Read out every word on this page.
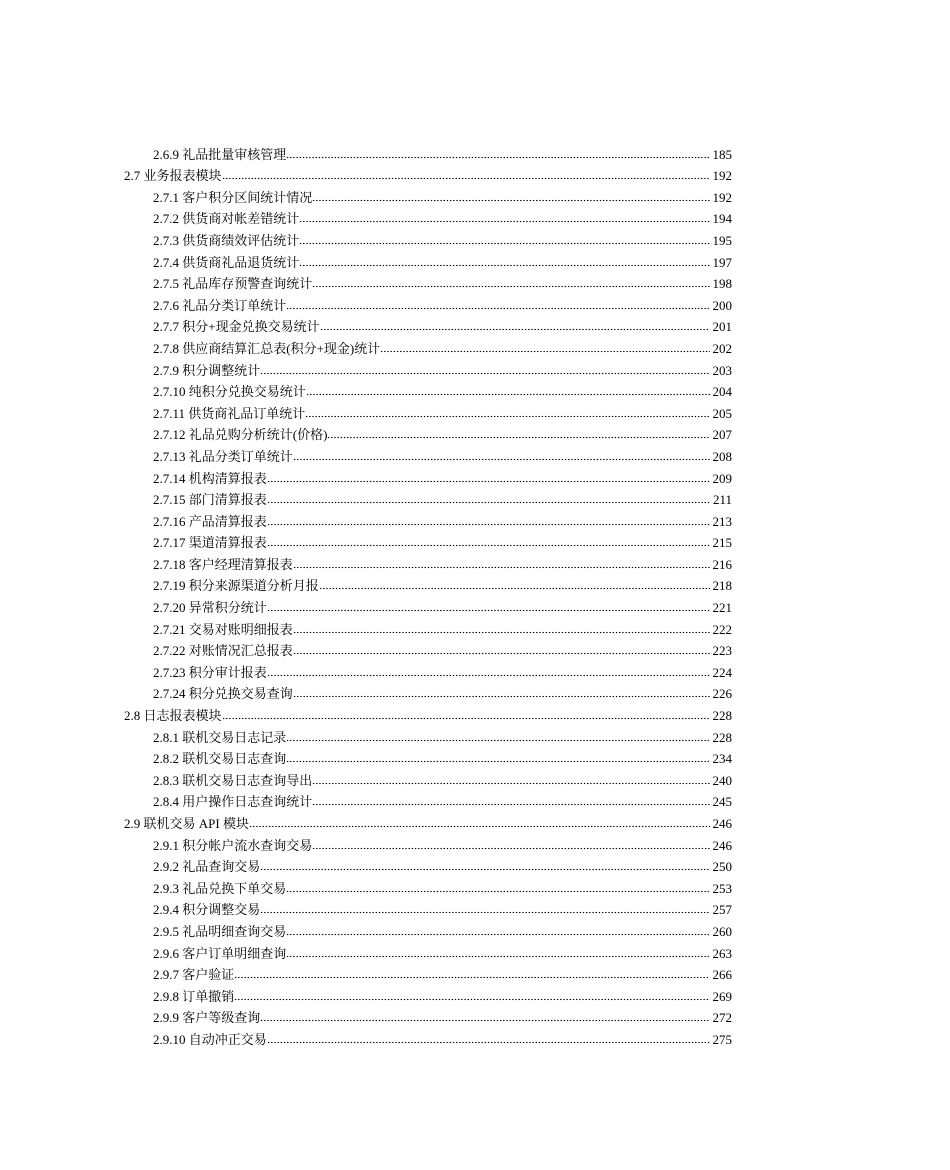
2.6.9 礼品批量审核管理	185
2.7 业务报表模块	192
2.7.1 客户积分区间统计情况	192
2.7.2 供货商对帐差错统计	194
2.7.3 供货商绩效评估统计	195
2.7.4 供货商礼品退货统计	197
2.7.5 礼品库存预警查询统计	198
2.7.6 礼品分类订单统计	200
2.7.7 积分+现金兑换交易统计	201
2.7.8 供应商结算汇总表(积分+现金)统计	202
2.7.9 积分调整统计	203
2.7.10 纯积分兑换交易统计	204
2.7.11 供货商礼品订单统计	205
2.7.12 礼品兑购分析统计(价格)	207
2.7.13 礼品分类订单统计	208
2.7.14 机构清算报表	209
2.7.15 部门清算报表	211
2.7.16 产品清算报表	213
2.7.17 渠道清算报表	215
2.7.18 客户经理清算报表	216
2.7.19 积分来源渠道分析月报	218
2.7.20 异常积分统计	221
2.7.21 交易对账明细报表	222
2.7.22 对账情况汇总报表	223
2.7.23 积分审计报表	224
2.7.24 积分兑换交易查询	226
2.8 日志报表模块	228
2.8.1 联机交易日志记录	228
2.8.2 联机交易日志查询	234
2.8.3 联机交易日志查询导出	240
2.8.4 用户操作日志查询统计	245
2.9 联机交易 API 模块	246
2.9.1 积分帐户流水查询交易	246
2.9.2 礼品查询交易	250
2.9.3 礼品兑换下单交易	253
2.9.4 积分调整交易	257
2.9.5 礼品明细查询交易	260
2.9.6 客户订单明细查询	263
2.9.7 客户验证	266
2.9.8 订单撤销	269
2.9.9 客户等级查询	272
2.9.10 自动冲正交易	275
